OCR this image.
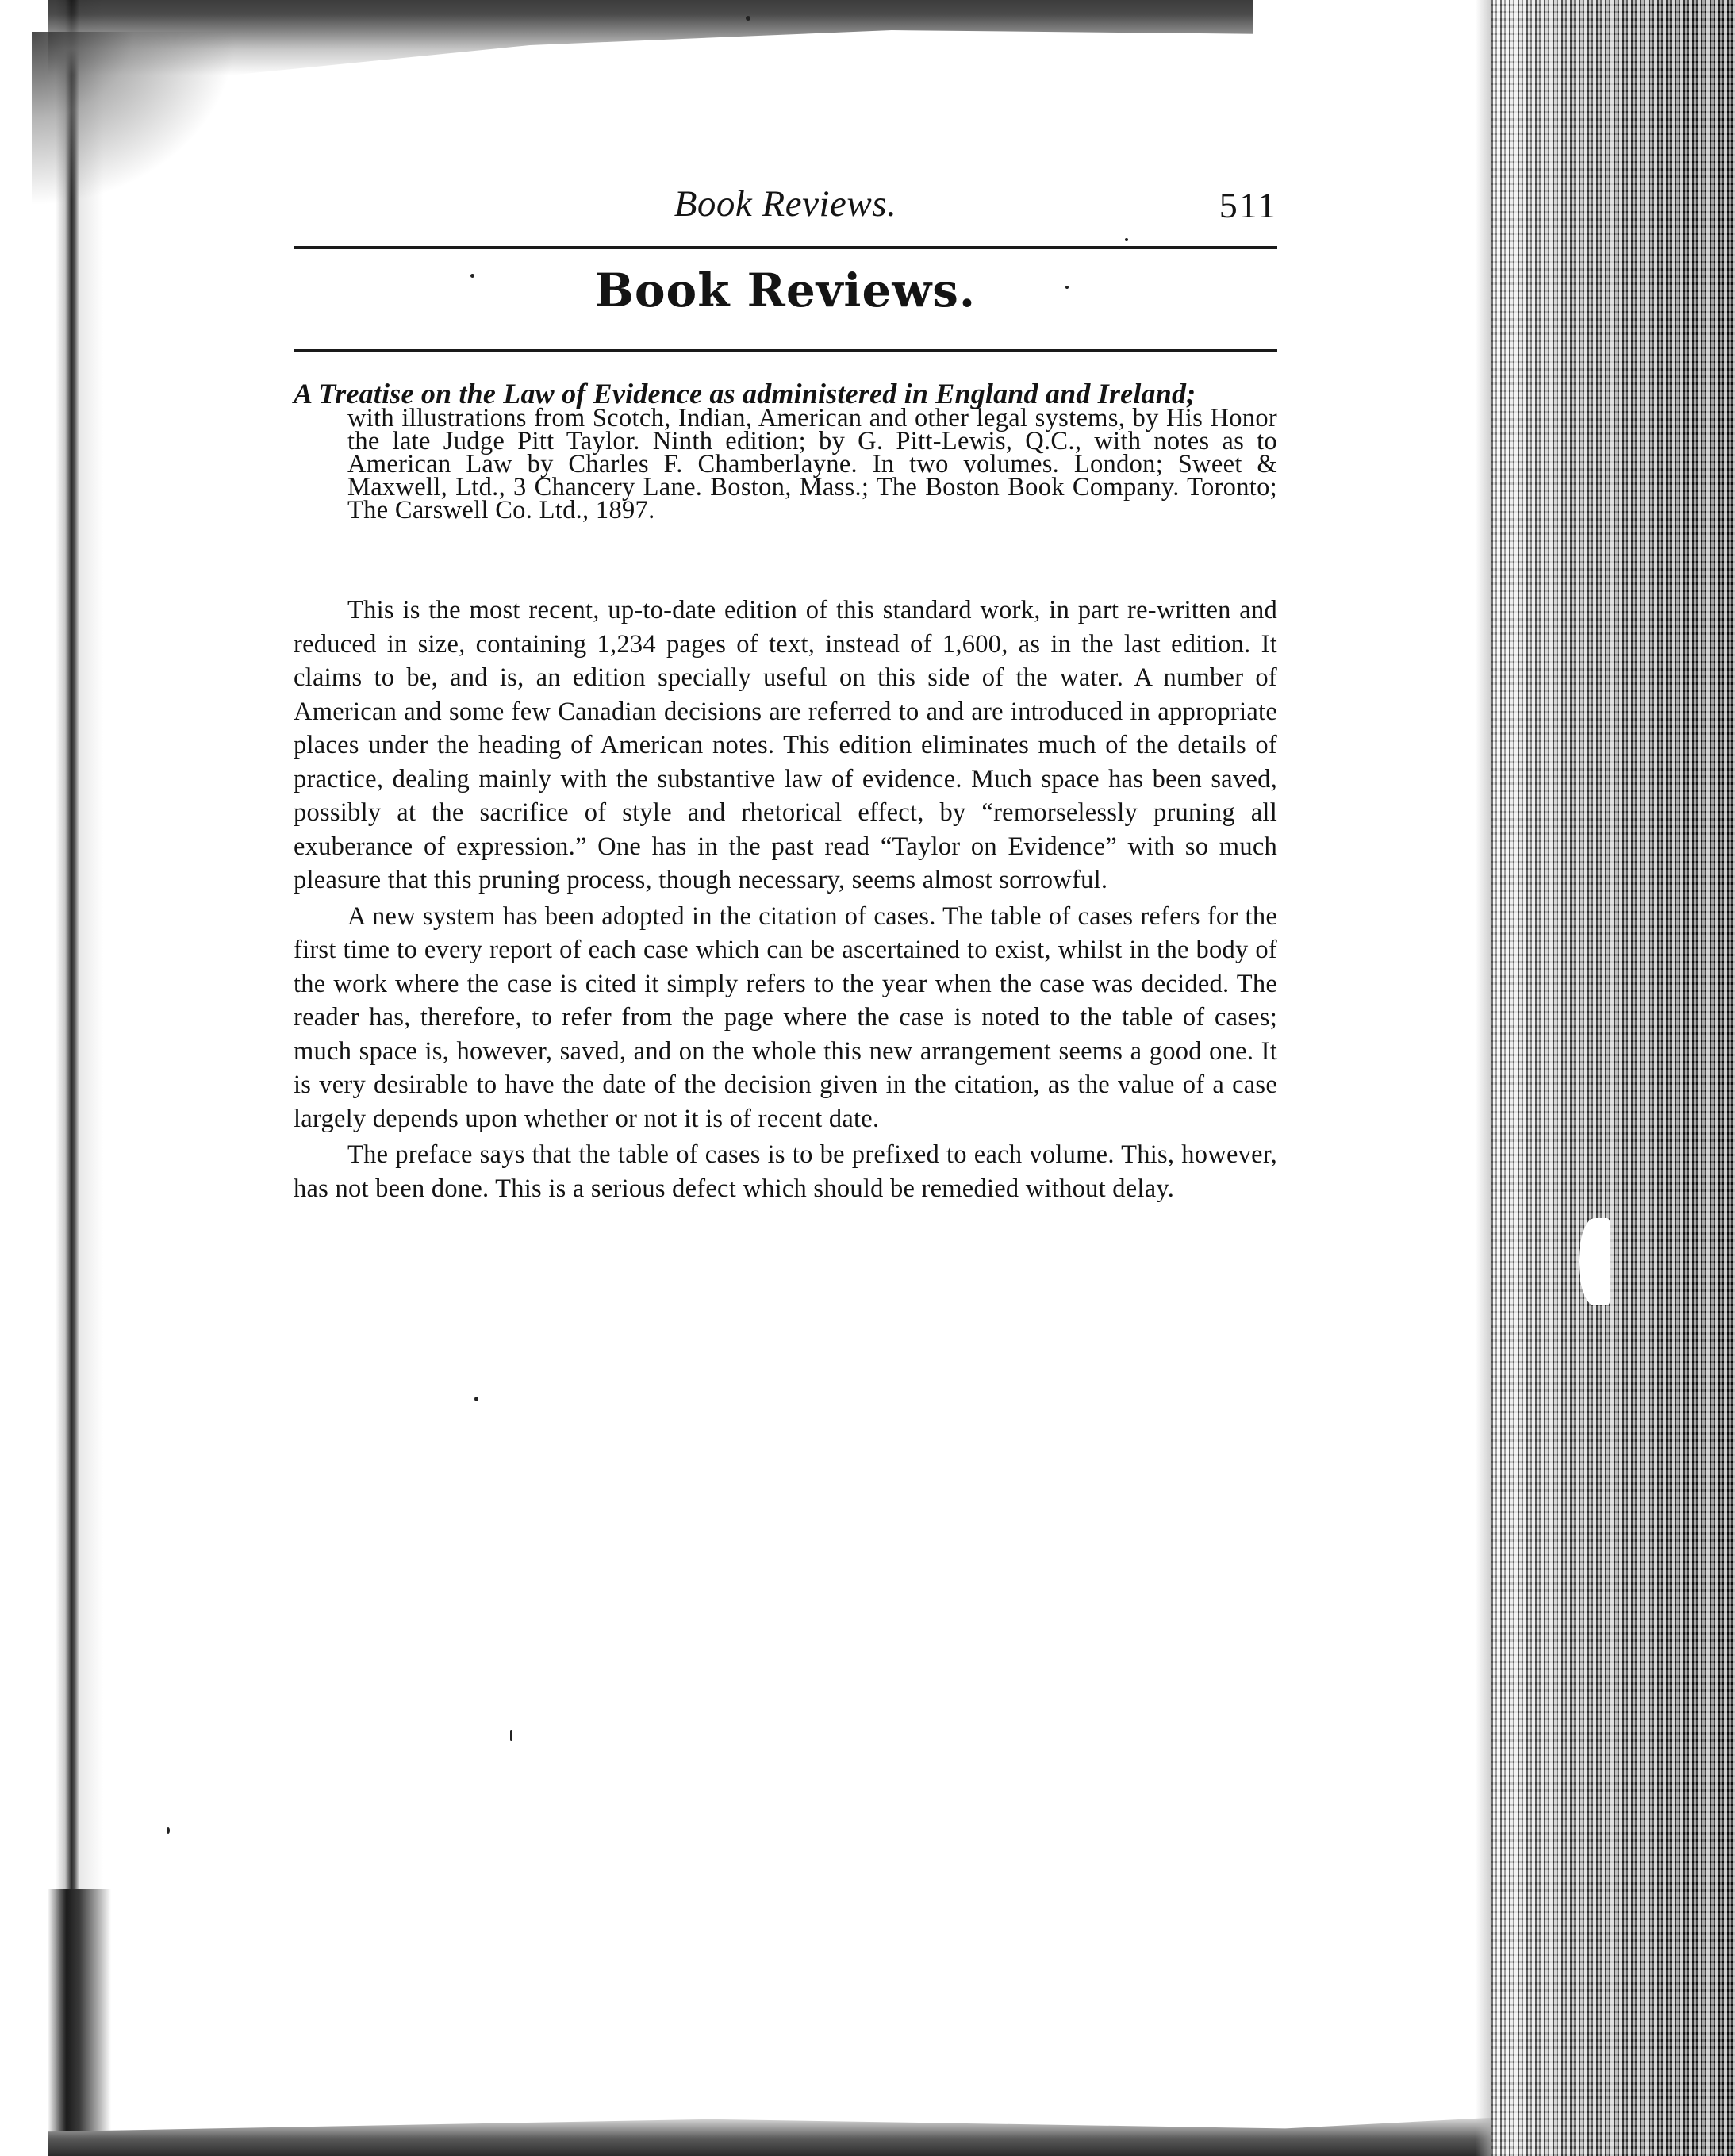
Book Reviews.	511
Book Reviews.
A Treatise on the Law of Evidence as administered in England and Ireland;
with illustrations from Scotch, Indian, American and other legal systems, by His Honor the late Judge Pitt Taylor. Ninth edition; by G. Pitt-Lewis, Q.C., with notes as to American Law by Charles F. Chamberlayne. In two volumes. London; Sweet & Maxwell, Ltd., 3 Chancery Lane. Boston, Mass.; The Boston Book Company. Toronto; The Carswell Co. Ltd., 1897.

This is the most recent, up-to-date edition of this standard work, in part re-written and reduced in size, containing 1,234 pages of text, instead of 1,600, as in the last edition. It claims to be, and is, an edition specially useful on this side of the water. A number of American and some few Canadian decisions are referred to and are introduced in appropriate places under the heading of American notes. This edition eliminates much of the details of practice, dealing mainly with the substantive law of evidence. Much space has been saved, possibly at the sacrifice of style and rhetorical effect, by “remorselessly pruning all exuberance of expression.” One has in the past read “Taylor on Evidence” with so much pleasure that this pruning process, though necessary, seems almost sorrowful.

A new system has been adopted in the citation of cases. The table of cases refers for the first time to every report of each case which can be ascertained to exist, whilst in the body of the work where the case is cited it simply refers to the year when the case was decided. The reader has, therefore, to refer from the page where the case is noted to the table of cases; much space is, however, saved, and on the whole this new arrangement seems a good one. It is very desirable to have the date of the decision given in the citation, as the value of a case largely depends upon whether or not it is of recent date.

The preface says that the table of cases is to be prefixed to each volume. This, however, has not been done. This is a serious defect which should be remedied without delay.
